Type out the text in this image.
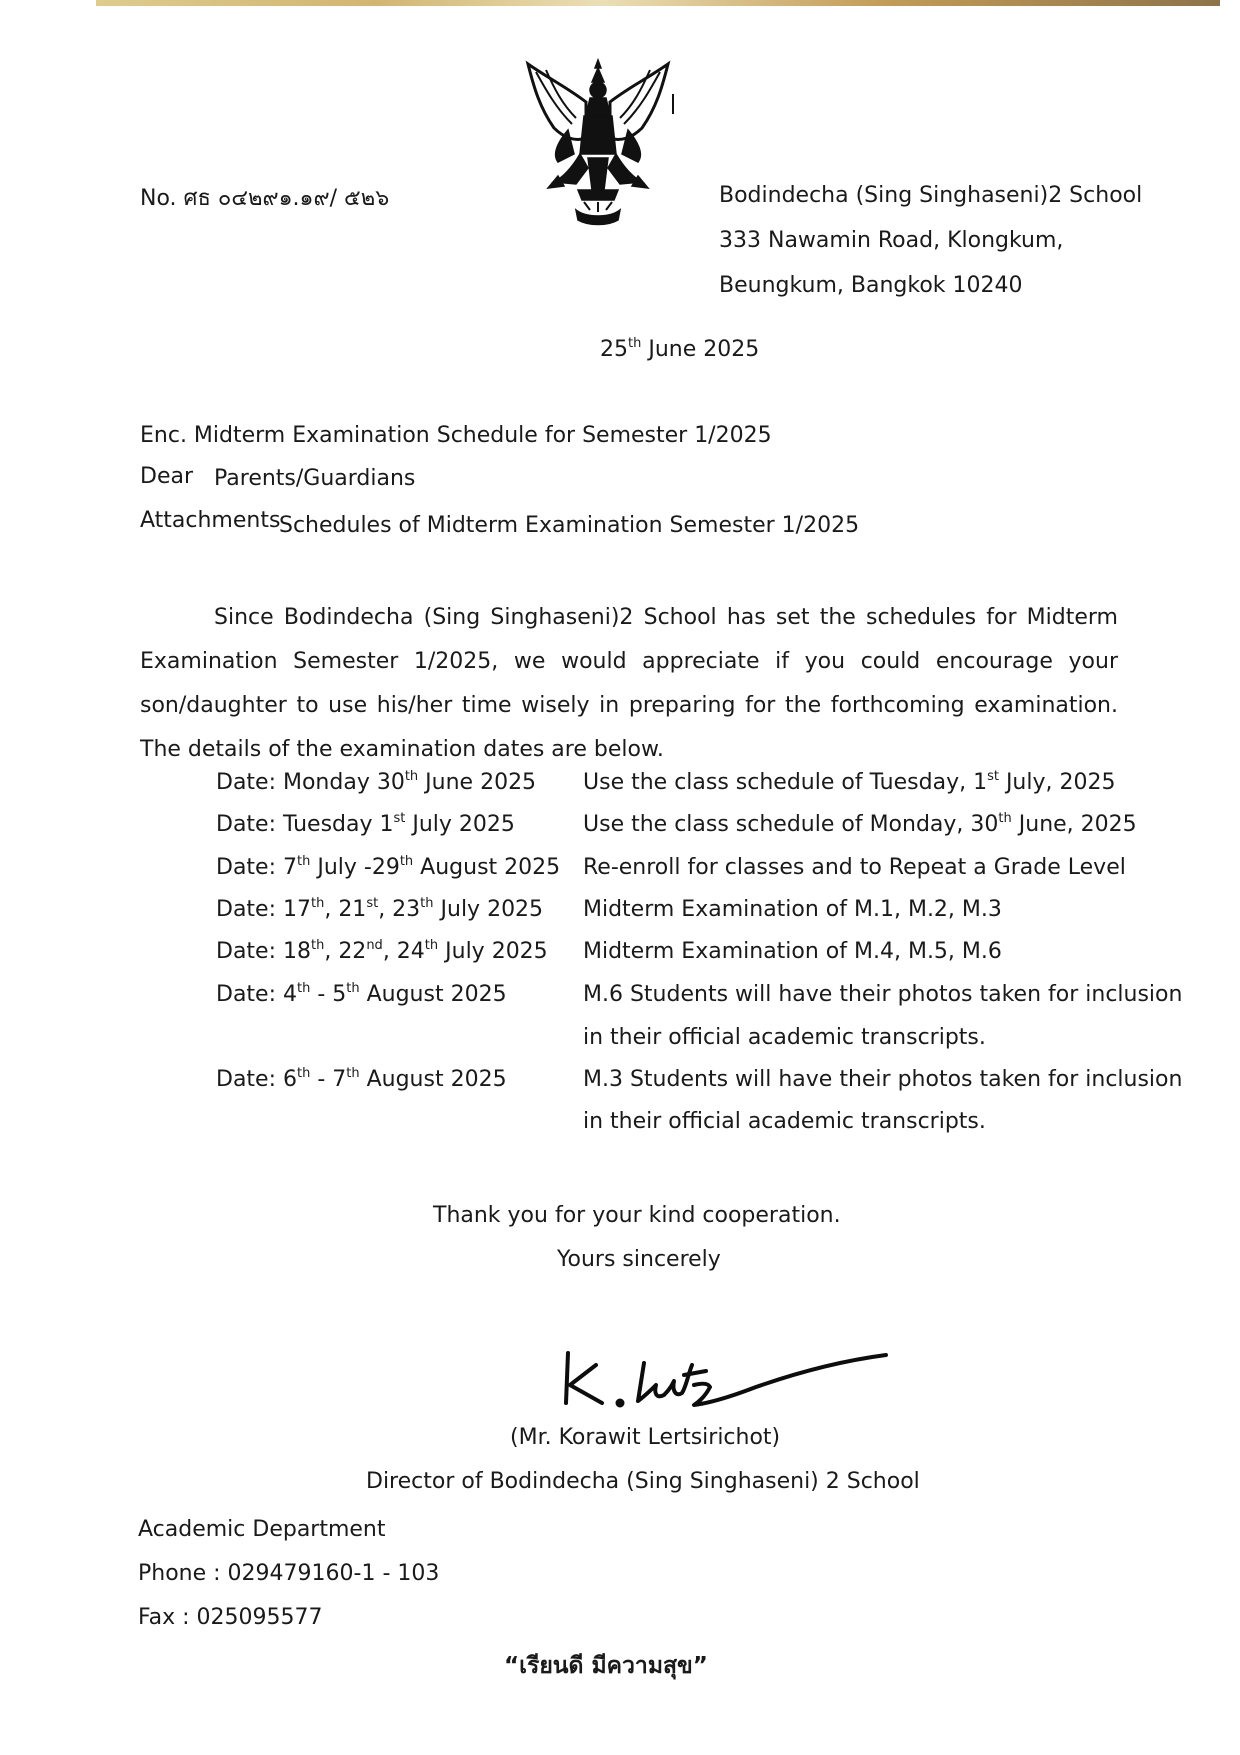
No. ศธ ๐๔๒๙๑.๑๙/ ๕๒๖	Bodindecha (Sing Singhaseni)2 School
333 Nawamin Road, Klongkum,
Beungkum, Bangkok 10240
25th June 2025
Enc. Midterm Examination Schedule for Semester 1/2025
Dear Parents/Guardians
Attachments
Schedules of Midterm Examination Semester 1/2025
Since Bodindecha (Sing Singhaseni)2 School has set the schedules for Midterm Examination Semester 1/2025, we would appreciate if you could encourage your son/daughter to use his/her time wisely in preparing for the forthcoming examination. The details of the examination dates are below.
Date: Monday 30th June 2025 Use the class schedule of Tuesday, 1st July, 2025
Date: Tuesday 1st July 2025	Use the class schedule of Monday, 30th June, 2025
Date: 7th July -29th August 2025 Re-enroll for classes and to Repeat a Grade Level
Date: 17th, 21st, 23th July 2025 Midterm Examination of M.1, M.2, M.3
Date: 18th, 22nd, 24th July 2025 Midterm Examination of M.4, M.5, M.6
Date: 4th - 5th August 2025	M.6 Students will have their photos taken for inclusion
in their official academic transcripts.
Date: 6th - 7th August 2025	M.3 Students will have their photos taken for inclusion
in their official academic transcripts.
Thank you for your kind cooperation.
Yours sincerely
(Mr. Korawit Lertsirichot)
Director of Bodindecha (Sing Singhaseni) 2 School
Academic Department
Phone : 029479160-1 - 103
Fax : 025095577
“เรียนดี มีความสุข”
